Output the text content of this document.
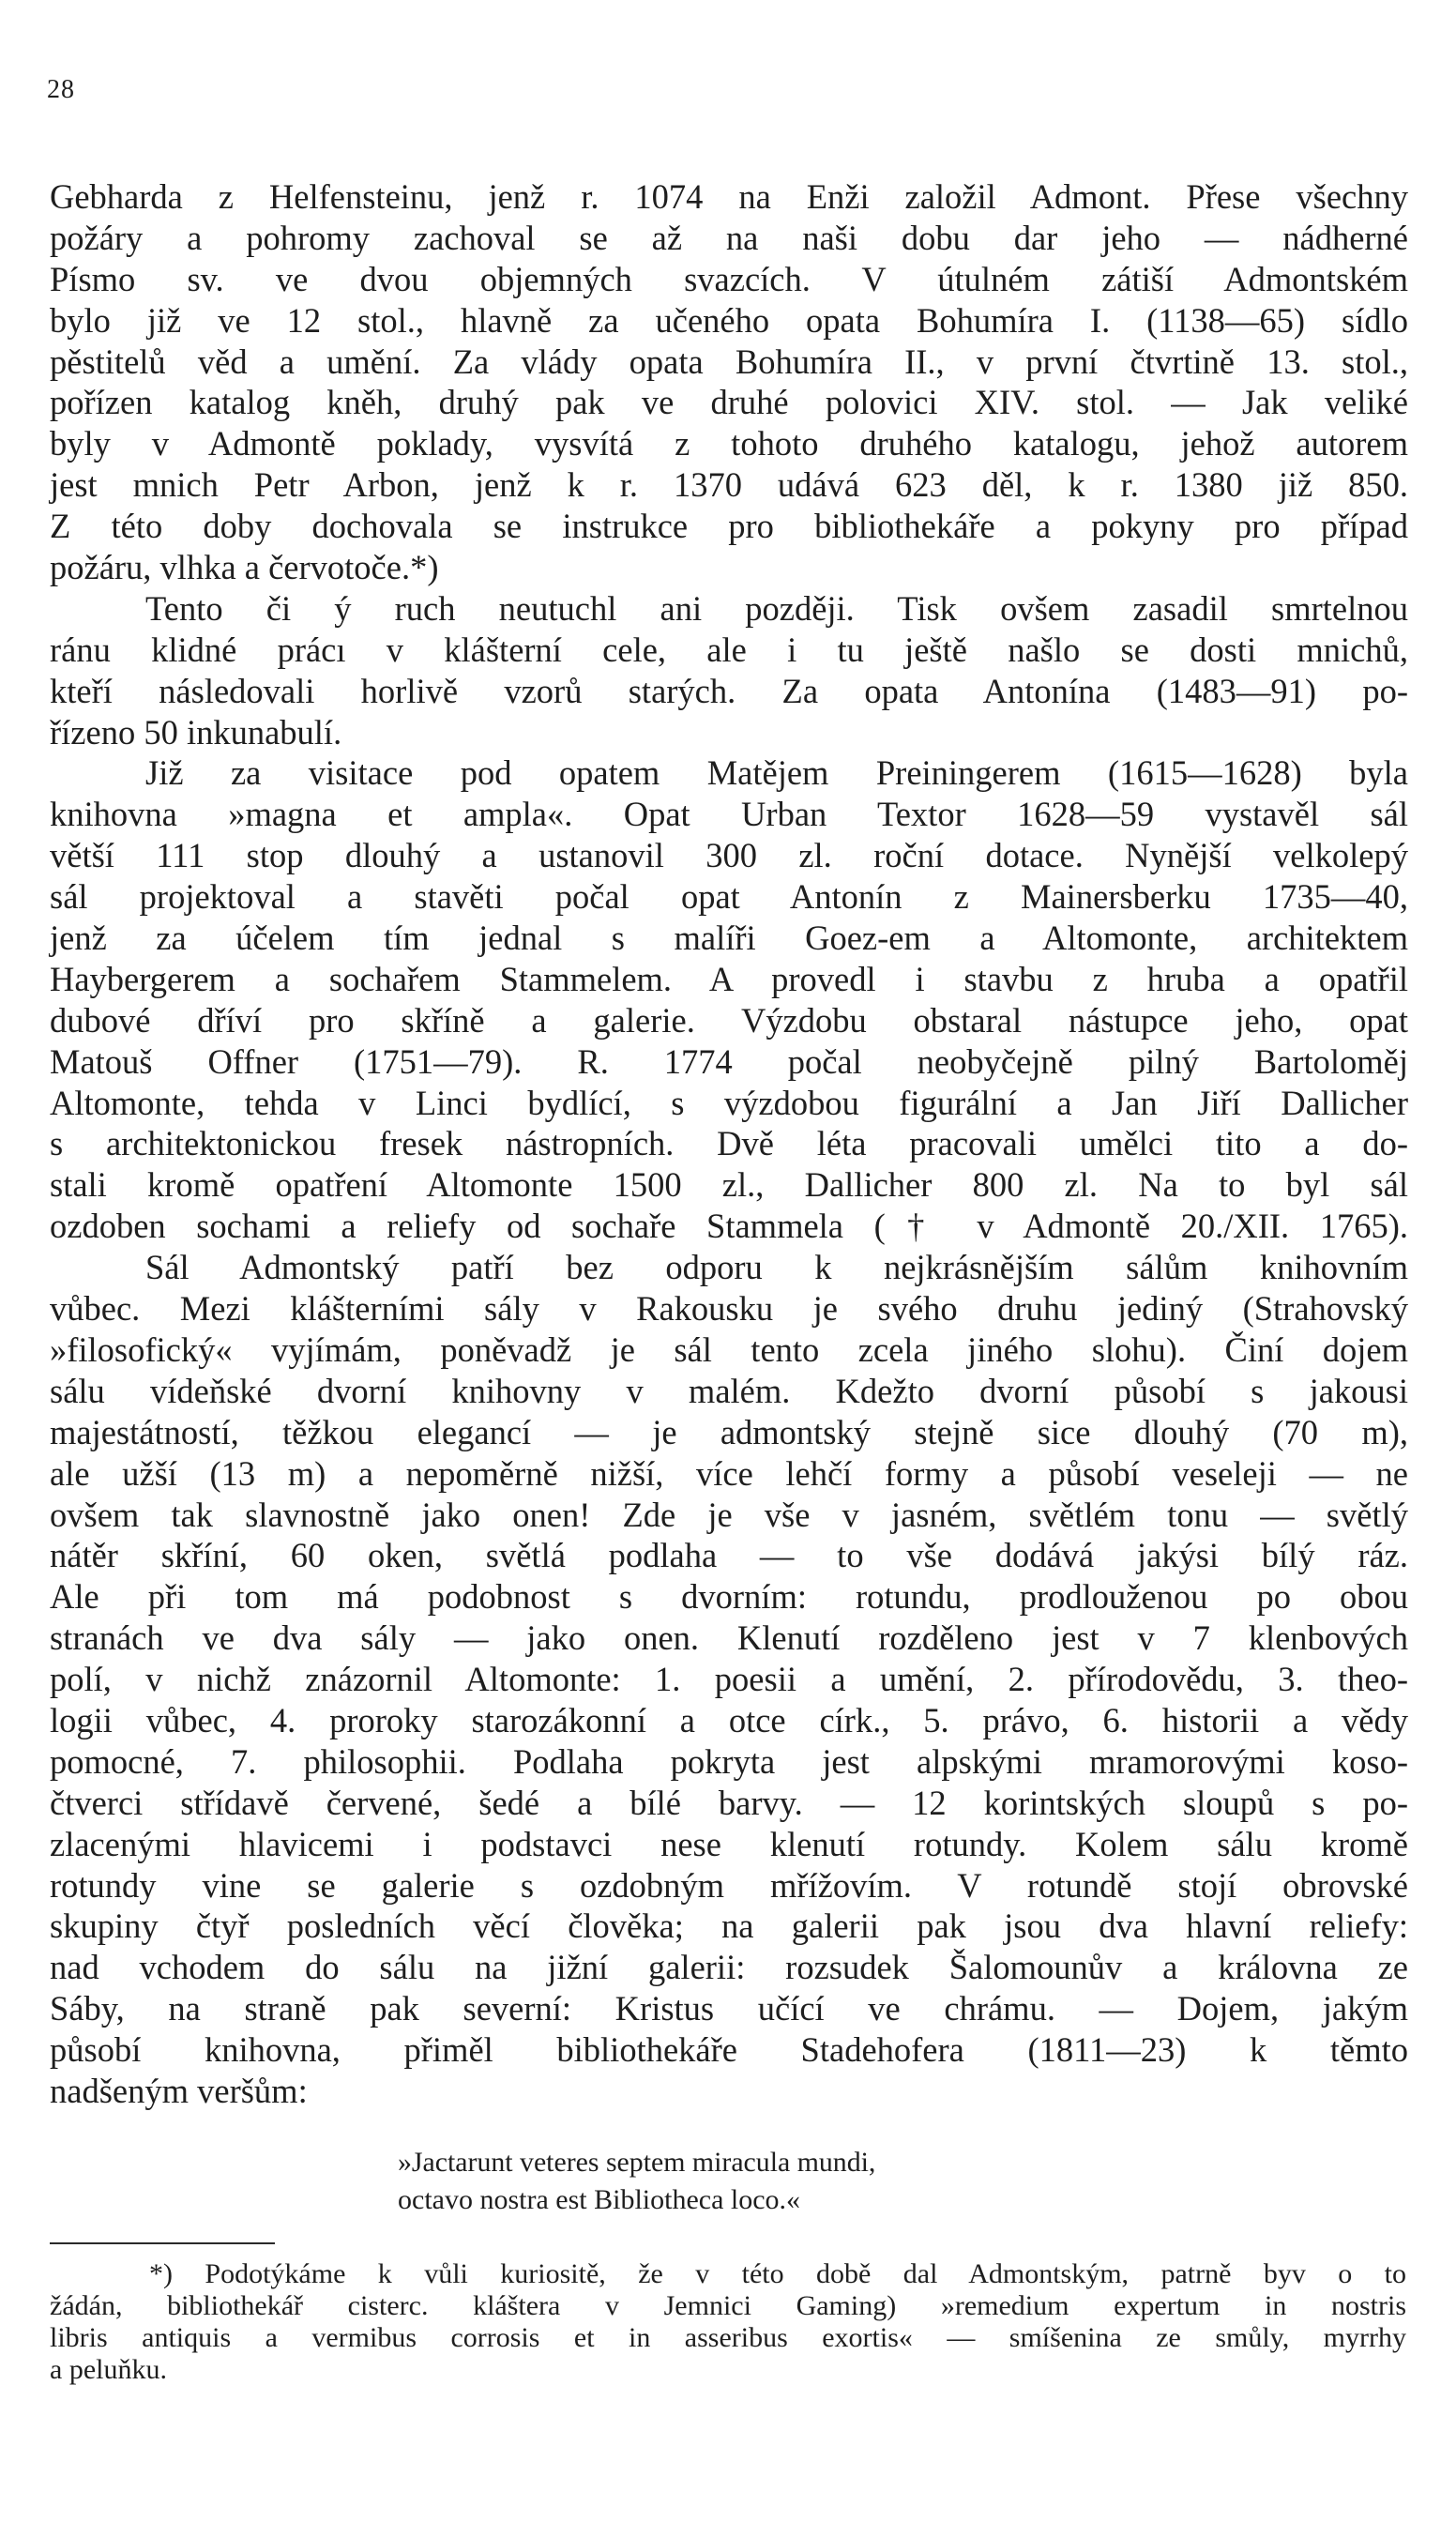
28
Gebharda z Helfensteinu, jenž r. 1074 na Enži založil Admont. Přese všechny
požáry a pohromy zachoval se až na naši dobu dar jeho — nádherné
Písmo sv. ve dvou objemných svazcích. V útulném zátiší Admontském
bylo již ve 12 stol., hlavně za učeného opata Bohumíra I. (1138—65) sídlo
pěstitelů věd a umění. Za vlády opata Bohumíra II., v první čtvrtině 13. stol.,
pořízen katalog kněh, druhý pak ve druhé polovici XIV. stol. — Jak veliké
byly v Admontě poklady, vysvítá z tohoto druhého katalogu, jehož autorem
jest mnich Petr Arbon, jenž k r. 1370 udává 623 děl, k r. 1380 již 850.
Z této doby dochovala se instrukce pro bibliothekáře a pokyny pro případ
požáru, vlhka a červotoče.*)
Tento či ý ruch neutuchl ani později. Tisk ovšem zasadil smrtelnou
ránu klidné prácı v klášterní cele, ale i tu ještě našlo se dosti mnichů,
kteří následovali horlivě vzorů starých. Za opata Antonína (1483—91) po-
řízeno 50 inkunabulí.
Již za visitace pod opatem Matějem Preiningerem (1615—1628) byla
knihovna »magna et ampla«. Opat Urban Textor 1628—59 vystavěl sál
větší 111 stop dlouhý a ustanovil 300 zl. roční dotace. Nynější velkolepý
sál projektoval a stavěti počal opat Antonín z Mainersberku 1735—40,
jenž za účelem tím jednal s malíři Goez-em a Altomonte, architektem
Haybergerem a sochařem Stammelem. A provedl i stavbu z hruba a opatřil
dubové dříví pro skříně a galerie. Výzdobu obstaral nástupce jeho, opat
Matouš Offner (1751—79). R. 1774 počal neobyčejně pilný Bartoloměj
Altomonte, tehda v Linci bydlící, s výzdobou figurální a Jan Jiří Dallicher
s architektonickou fresek nástropních. Dvě léta pracovali umělci tito a do-
stali kromě opatření Altomonte 1500 zl., Dallicher 800 zl. Na to byl sál
ozdoben sochami a reliefy od sochaře Stammela († v Admontě 20./XII. 1765).
Sál Admontský patří bez odporu k nejkrásnějším sálům knihovním
vůbec. Mezi klášterními sály v Rakousku je svého druhu jediný (Strahovský
»filosofický« vyjímám, poněvadž je sál tento zcela jiného slohu). Činí dojem
sálu vídeňské dvorní knihovny v malém. Kdežto dvorní působí s jakousi
majestátností, těžkou elegancí — je admontský stejně sice dlouhý (70 m),
ale užší (13 m) a nepoměrně nižší, více lehčí formy a působí veseleji — ne
ovšem tak slavnostně jako onen! Zde je vše v jasném, světlém tonu — světlý
nátěr skříní, 60 oken, světlá podlaha — to vše dodává jakýsi bílý ráz.
Ale při tom má podobnost s dvorním: rotundu, prodlouženou po obou
stranách ve dva sály — jako onen. Klenutí rozděleno jest v 7 klenbových
polí, v nichž znázornil Altomonte: 1. poesii a umění, 2. přírodovědu, 3. theo-
logii vůbec, 4. proroky starozákonní a otce círk., 5. právo, 6. historii a vědy
pomocné, 7. philosophii. Podlaha pokryta jest alpskými mramorovými koso-
čtverci střídavě červené, šedé a bílé barvy. — 12 korintských sloupů s po-
zlacenými hlavicemi i podstavci nese klenutí rotundy. Kolem sálu kromě
rotundy vine se galerie s ozdobným mřížovím. V rotundě stojí obrovské
skupiny čtyř posledních věcí člověka; na galerii pak jsou dva hlavní reliefy:
nad vchodem do sálu na jižní galerii: rozsudek Šalomounův a královna ze
Sáby, na straně pak severní: Kristus učící ve chrámu. — Dojem, jakým
působí knihovna, přiměl bibliothekáře Stadehofera (1811—23) k těmto
nadšeným veršům:
»Jactarunt veteres septem miracula mundi,
octavo nostra est Bibliotheca loco.«
*) Podotýkáme k vůli kuriositě, že v této době dal Admontským, patrně byv o to
žádán, bibliothekář cisterc. kláštera v Jemnici Gaming) »remedium expertum in nostris
libris antiquis a vermibus corrosis et in asseribus exortis« — smíšenina ze smůly, myrrhy
a peluňku.
